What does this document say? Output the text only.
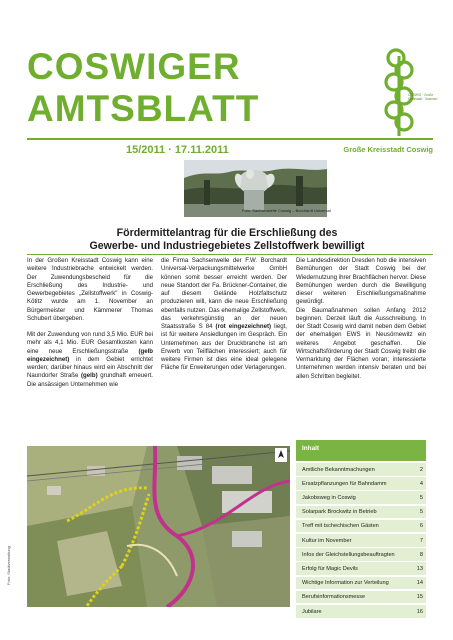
COSWIGER
AMTSBLATT	COSWIG · Große Kreisstadt · Sachsen
15/2011 · 17.11.2011	Große Kreisstadt Coswig
Foto: Sachsenwelle Coswig – Borchardt Universal
Fördermittelantrag für die Erschließung des
Gewerbe- und Industriegebietes Zellstoffwerk bewilligt

In der Großen Kreisstadt Coswig kann eine weitere Industriebrache entwickelt werden. Der Zuwendungsbescheid für die Erschließung des Industrie- und Gewerbegebietes „Zellstoffwerk" in Coswig-Kötitz wurde am 1. November an Bürgermeister und Kämmerer Thomas Schubert übergeben.

Mit der Zuwendung von rund 3,5 Mio. EUR bei mehr als 4,1 Mio. EUR Gesamtkosten kann eine neue Erschließungsstraße (gelb eingezeichnet) in dem Gebiet errichtet werden; darüber hinaus wird ein Abschnitt der Naundorfer Straße (gelb) grundhaft erneuert. Die ansässigen Unternehmen wie

die Firma Sachsenwelle der F.W. Borchardt Universal-Verpackungsmittelwerke GmbH können somit besser erreicht werden. Der neue Standort der Fa. Brückner-Container, die auf diesem Gelände Holzfaltschutz produzieren will, kann die neue Erschließung ebenfalls nutzen. Das ehemalige Zellstoffwerk, das verkehrsgünstig an der neuen Staatsstraße S 84 (rot eingezeichnet) liegt, ist für weitere Ansiedlungen im Gespräch. Ein Unternehmen aus der Druckbranche ist am Erwerb von Teilflächen interessiert; auch für weitere Firmen ist dies eine ideal gelegene Fläche für Erweiterungen oder Verlagerungen.

Die Landesdirektion Dresden hob die intensiven Bemühungen der Stadt Coswig bei der Wiedernutzung ihrer Brachflächen hervor. Diese Bemühungen werden durch die Bewilligung dieser weiteren Erschließungsmaßnahme gewürdigt.

Die Baumaßnahmen sollen Anfang 2012 beginnen. Derzeit läuft die Ausschreibung. In der Stadt Coswig wird damit neben dem Gebiet der ehemaligen EWS in Neusörnewitz ein weiteres Angebot geschaffen. Die Wirtschaftsförderung der Stadt Coswig treibt die Vermarktung der Flächen voran; interessierte Unternehmen werden intensiv beraten und bei allen Schritten begleitet.

Foto: Stadtverwaltung
Inhalt
Amtliche Bekanntmachungen	2
Ersatzpflanzungen für Bahndamm	4
Jakobsweg in Coswig	5
Solarpark Brockwitz in Betrieb	5
Treff mit tschechischen Gästen	6
Kultur im November	7
Infos der Gleichstellungsbeauftragten	8
Erfolg für Magic Devils	13
Wichtige Information zur Verteilung	14
Berufsinformationsmesse	15
Jubilare	16
